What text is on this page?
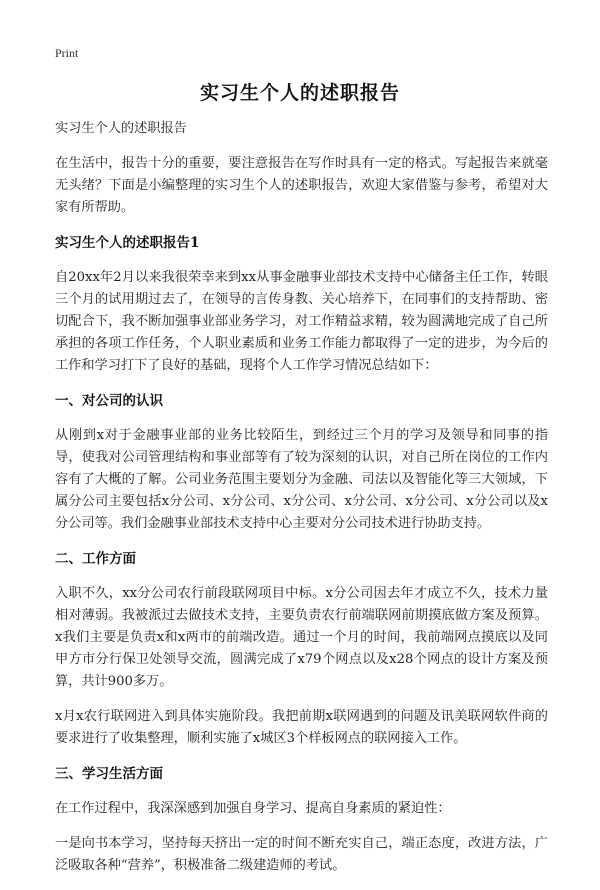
Print
实习生个人的述职报告

实习生个人的述职报告

在生活中，报告十分的重要，要注意报告在写作时具有一定的格式。写起报告来就毫无头绪？下面是小编整理的实习生个人的述职报告，欢迎大家借鉴与参考，希望对大家有所帮助。

实习生个人的述职报告1

自20xx年2月以来我很荣幸来到xx从事金融事业部技术支持中心储备主任工作，转眼三个月的试用期过去了，在领导的言传身教、关心培养下，在同事们的支持帮助、密切配合下，我不断加强事业部业务学习，对工作精益求精，较为圆满地完成了自己所承担的各项工作任务，个人职业素质和业务工作能力都取得了一定的进步，为今后的工作和学习打下了良好的基础，现将个人工作学习情况总结如下：

一、对公司的认识

从刚到x对于金融事业部的业务比较陌生，到经过三个月的学习及领导和同事的指导，使我对公司管理结构和事业部等有了较为深刻的认识，对自己所在岗位的工作内容有了大概的了解。公司业务范围主要划分为金融、司法以及智能化等三大领域，下属分公司主要包括x分公司、x分公司、x分公司、x分公司、x分公司、x分公司以及x分公司等。我们金融事业部技术支持中心主要对分公司技术进行协助支持。

二、工作方面

入职不久，xx分公司农行前段联网项目中标。x分公司因去年才成立不久，技术力量相对薄弱。我被派过去做技术支持，主要负责农行前端联网前期摸底做方案及预算。x我们主要是负责x和x两市的前端改造。通过一个月的时间，我前端网点摸底以及同甲方市分行保卫处领导交流，圆满完成了x79个网点以及x28个网点的设计方案及预算，共计900多万。

x月x农行联网进入到具体实施阶段。我把前期x联网遇到的问题及讯美联网软件商的要求进行了收集整理，顺利实施了x城区3个样板网点的联网接入工作。

三、学习生活方面

在工作过程中，我深深感到加强自身学习、提高自身素质的紧迫性：

一是向书本学习，坚持每天挤出一定的时间不断充实自己，端正态度，改进方法，广泛吸取各种“营养”，积极准备二级建造师的考试。
